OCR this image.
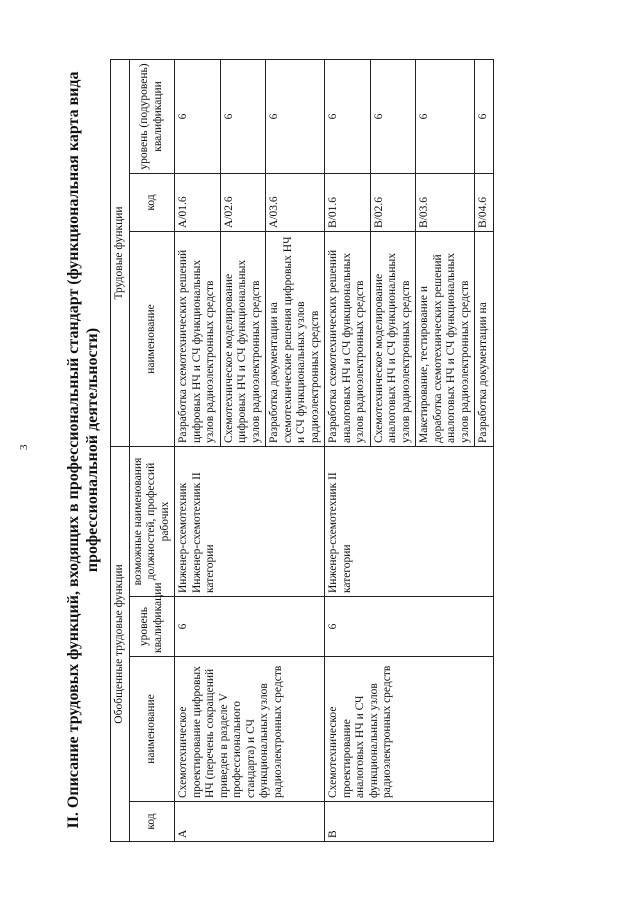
3 II. Описание трудовых функций, входящих в профессиональный стандарт (функциональная карта вида профессиональной деятельности)
Обобщенные трудовые функции				Трудовые функции		
код	наименование	уровень квалификации	возможные наименования должностей, профессий рабочих	наименование	код	уровень (подуровень) квалификации
A	Схемотехническое проектирование цифровых НЧ (перечень сокращений приведен в разделе V профессионального стандарта) и СЧ функциональных узлов радиоэлектронных средств	6	Инженер-схемотехник Инженер-схемотехник II категории	Разработка схемотехнических решений цифровых НЧ и СЧ функциональных узлов радиоэлектронных средств	A/01.6	6
				Схемотехническое моделирование цифровых НЧ и СЧ функциональных узлов радиоэлектронных средств	A/02.6	6
				Разработка документации на схемотехнические решения цифровых НЧ и СЧ функциональных узлов радиоэлектронных средств	A/03.6	6
B	Схемотехническое проектирование аналоговых НЧ и СЧ функциональных узлов радиоэлектронных средств	6	Инженер-схемотехник II категории	Разработка схемотехнических решений аналоговых НЧ и СЧ функциональных узлов радиоэлектронных средств	B/01.6	6
				Схемотехническое моделирование аналоговых НЧ и СЧ функциональных узлов радиоэлектронных средств	B/02.6	6
				Макетирование, тестирование и доработка схемотехнических решений аналоговых НЧ и СЧ функциональных узлов радиоэлектронных средств	B/03.6	6
				Разработка документации на	B/04.6	6
